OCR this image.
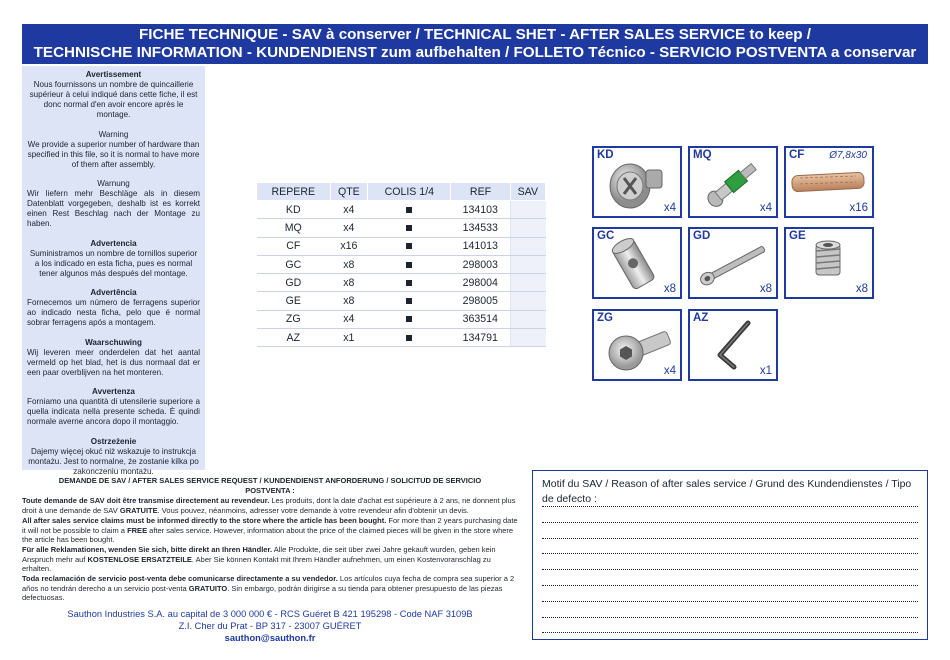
FICHE TECHNIQUE - SAV à conserver / TECHNICAL SHET - AFTER SALES SERVICE to keep /
TECHNISCHE INFORMATION - KUNDENDIENST zum aufbehalten / FOLLETO Técnico - SERVICIO POSTVENTA a conservar
Avertissement
Nous fournissons un nombre de quincaillerie supérieur à celui indiqué dans cette fiche, il est donc normal d'en avoir encore après le montage.
Warning
We provide a superior number of hardware than specified in this file, so it is normal to have more of them after assembly.
Warnung
Wir liefern mehr Beschläge als in diesem Datenblatt vorgegeben, deshalb ist es korrekt einen Rest Beschlag nach der Montage zu haben.
Advertencia
Suministramos un nombre de tornillos superior a los indicado en esta ficha, pues es normal tener algunos más después del montage.
Advertência
Fornecemos um número de ferragens superior ao indicado nesta ficha, pelo que é normal sobrar ferragens após a montagem.
Waarschuwing
Wij leveren meer onderdelen dat het aantal vermeld op het blad, het is dus normaal dat er een paar overblijven na het monteren.
Avvertenza
Forniamo una quantità di utensilerie superiore a quella indicata nella presente scheda. È quindi normale averne ancora dopo il montaggio.
Ostrzeżenie
Dajemy więcej okuć niż wskazuje to instrukcja montażu. Jest to normalne, że zostanie kilka po zakonczeniu montażu.
REPERE	QTE	COLIS 1/4	REF	SAV
KD	x4		134103	
MQ	x4		134533	
CF	x16		141013	
GC	x8		298003	
GD	x8		298004	
GE	x8		298005	
ZG	x4		363514	
AZ	x1		134791	
KD
x4
MQ
x4
CF Ø7,8x30
x16
GC
x8
GD
x8
GE
x8
ZG
x4
AZ
x1
DEMANDE DE SAV / AFTER SALES SERVICE REQUEST / KUNDENDIENST ANFORDERUNG / SOLICITUD DE SERVICIO
POSTVENTA :
Toute demande de SAV doit être transmise directement au revendeur. Les produits, dont la date d'achat est supérieure à 2 ans, ne donnent plus droit à une demande de SAV GRATUITE. Vous pouvez, néanmoins, adresser votre demande à votre revendeur afin d'obtenir un devis.
All after sales service claims must be informed directly to the store where the article has been bought. For more than 2 years purchasing date it will not be possible to claim a FREE after sales service. However, information about the price of the claimed pieces will be given in the store where the article has been bought.
Für alle Reklamationen, wenden Sie sich, bitte direkt an Ihren Händler. Alle Produkte, die seit über zwei Jahre gekauft wurden, geben kein Anspruch mehr auf KOSTENLOSE ERSATZTEILE. Aber Sie können Kontakt mit Ihrem Händler aufnehmen, um einen Kostenvoranschlag zu erhalten.
Toda reclamación de servicio post-venta debe comunicarse directamente a su vendedor. Los artículos cuya fecha de compra sea superior a 2 años no tendrán derecho a un servicio post-venta GRATUITO. Sin embargo, podrán dirigirse a su tienda para obtener presupuesto de las piezas defectuosas.
Sauthon Industries S.A. au capital de 3 000 000 € - RCS Guéret B 421 195298 - Code NAF 3109B
Z.I. Cher du Prat - BP 317 - 23007 GUÉRET
sauthon@sauthon.fr
Motif du SAV / Reason of after sales service / Grund des Kundendienstes / Tipo de defecto :
